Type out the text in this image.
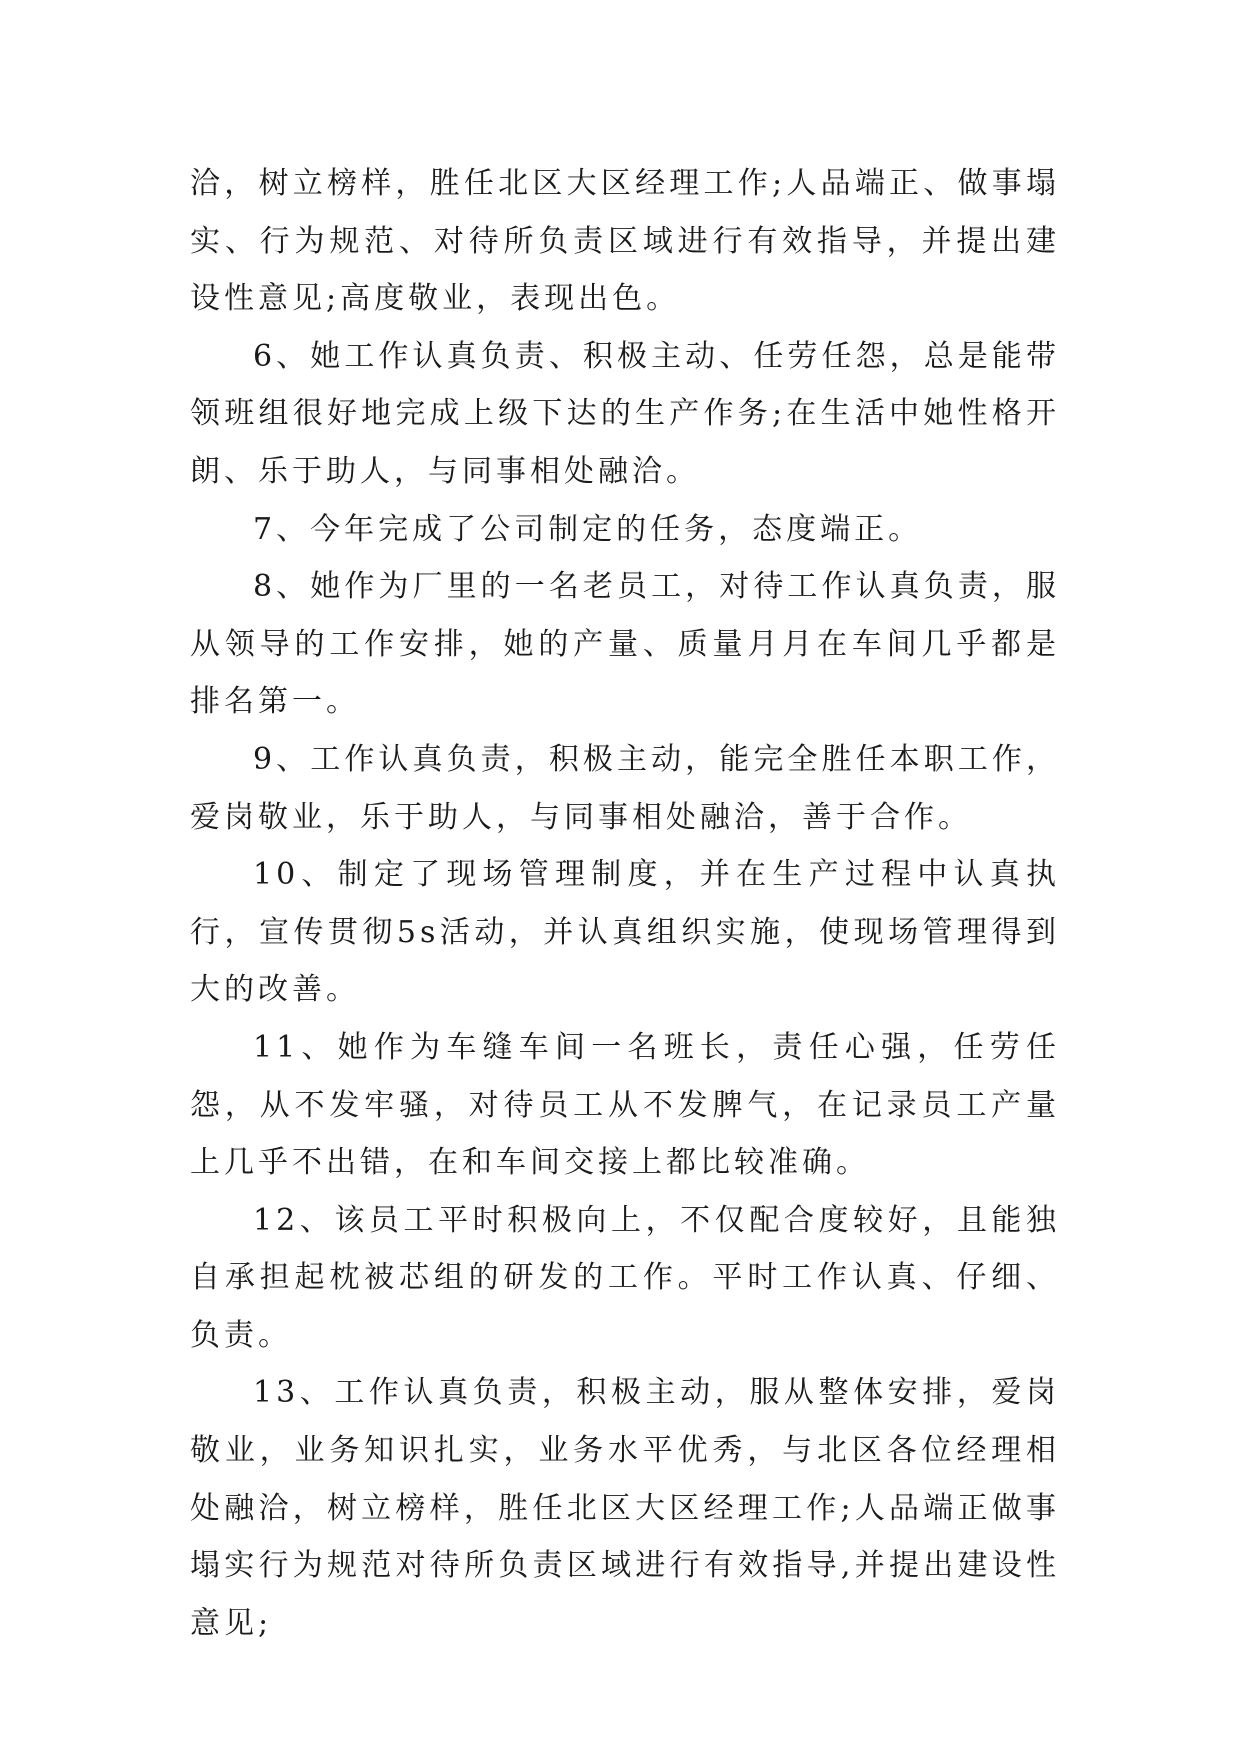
洽，树立榜样，胜任北区大区经理工作;人品端正、做事塌实、行为规范、对待所负责区域进行有效指导，并提出建设性意见;高度敬业，表现出色。

6、她工作认真负责、积极主动、任劳任怨，总是能带领班组很好地完成上级下达的生产作务;在生活中她性格开朗、乐于助人，与同事相处融洽。

7、今年完成了公司制定的任务，态度端正。

8、她作为厂里的一名老员工，对待工作认真负责，服从领导的工作安排，她的产量、质量月月在车间几乎都是排名第一。

9、工作认真负责，积极主动，能完全胜任本职工作，爱岗敬业，乐于助人，与同事相处融洽，善于合作。

10、制定了现场管理制度，并在生产过程中认真执行，宣传贯彻5s活动，并认真组织实施，使现场管理得到大的改善。

11、她作为车缝车间一名班长，责任心强，任劳任怨，从不发牢骚，对待员工从不发脾气，在记录员工产量上几乎不出错，在和车间交接上都比较准确。

12、该员工平时积极向上，不仅配合度较好，且能独自承担起枕被芯组的研发的工作。平时工作认真、仔细、负责。

13、工作认真负责，积极主动，服从整体安排，爱岗敬业，业务知识扎实，业务水平优秀，与北区各位经理相处融洽，树立榜样，胜任北区大区经理工作;人品端正做事塌实行为规范对待所负责区域进行有效指导,并提出建设性意见;
